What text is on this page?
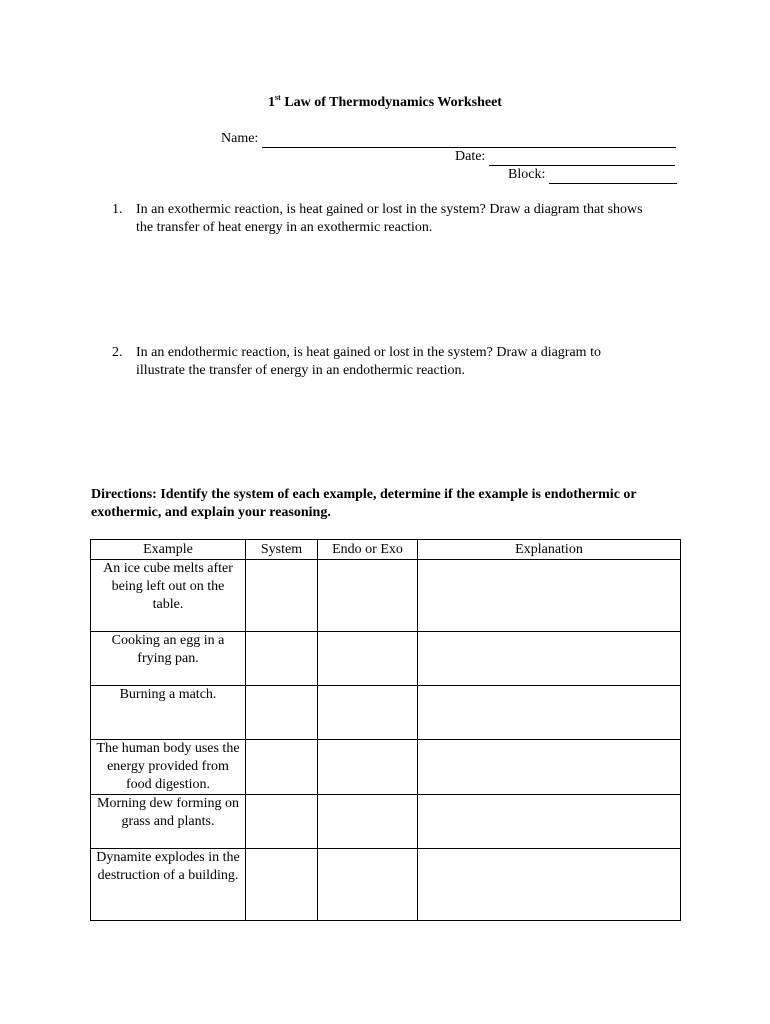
1st Law of Thermodynamics Worksheet
Name:
Date:
Block:
1. In an exothermic reaction, is heat gained or lost in the system? Draw a diagram that shows the transfer of heat energy in an exothermic reaction.
2. In an endothermic reaction, is heat gained or lost in the system? Draw a diagram to illustrate the transfer of energy in an endothermic reaction.
Directions: Identify the system of each example, determine if the example is endothermic or exothermic, and explain your reasoning.
Example	System	Endo or Exo	Explanation
An ice cube melts after being left out on the table.			
Cooking an egg in a frying pan.			
Burning a match.			
The human body uses the energy provided from food digestion.			
Morning dew forming on grass and plants.			
Dynamite explodes in the destruction of a building.			
